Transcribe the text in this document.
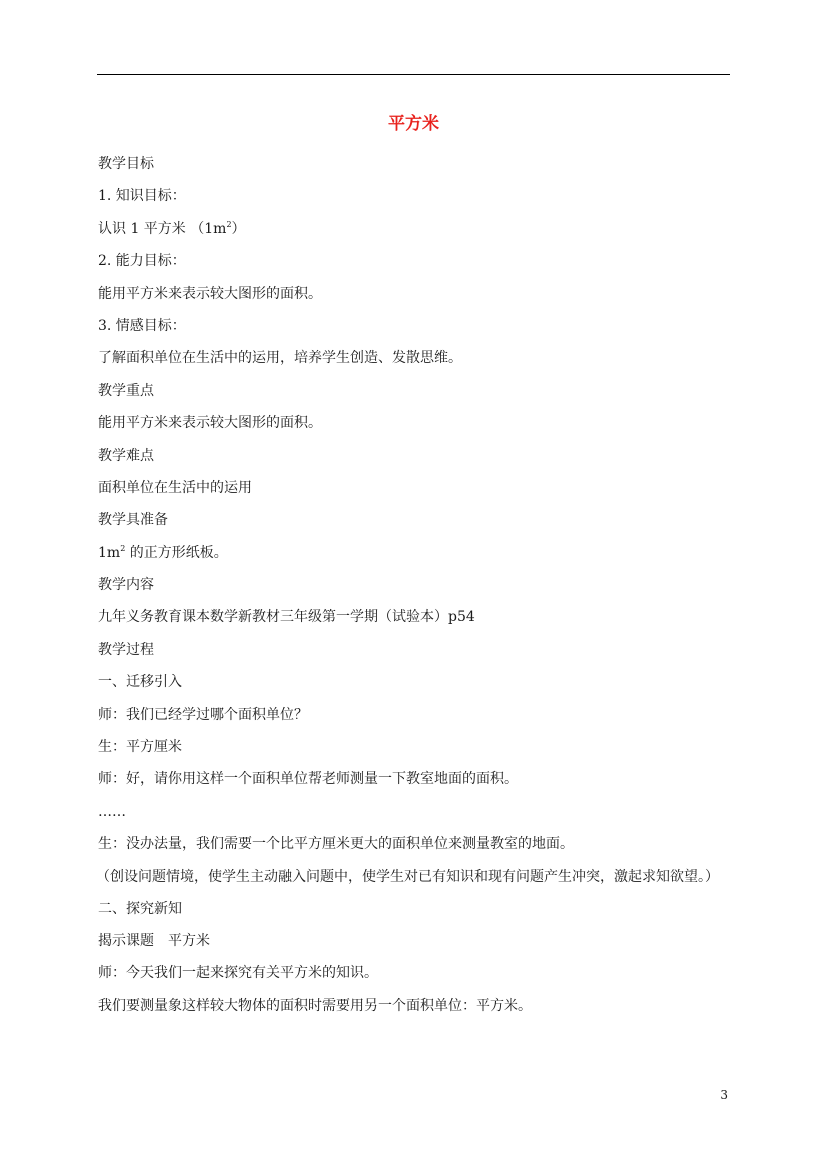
平方米
教学目标
1. 知识目标：
认识 1 平方米 $(1m^2)$
2. 能力目标：
能用平方米来表示较大图形的面积。
3. 情感目标：
了解面积单位在生活中的运用，培养学生创造、发散思维。
教学重点
能用平方米来表示较大图形的面积。
教学难点
面积单位在生活中的运用
教学具准备
$1m^2$ 的正方形纸板。
教学内容
九年义务教育课本数学新教材三年级第一学期（试验本）p54
教学过程
一、迁移引入
师：我们已经学过哪个面积单位？
生：平方厘米
师：好，请你用这样一个面积单位帮老师测量一下教室地面的面积。
……
生：没办法量，我们需要一个比平方厘米更大的面积单位来测量教室的地面。
（创设问题情境，使学生主动融入问题中，使学生对已有知识和现有问题产生冲突，激起求知欲望。）
二、探究新知
揭示课题　平方米
师：今天我们一起来探究有关平方米的知识。
我们要测量象这样较大物体的面积时需要用另一个面积单位：平方米。
3
